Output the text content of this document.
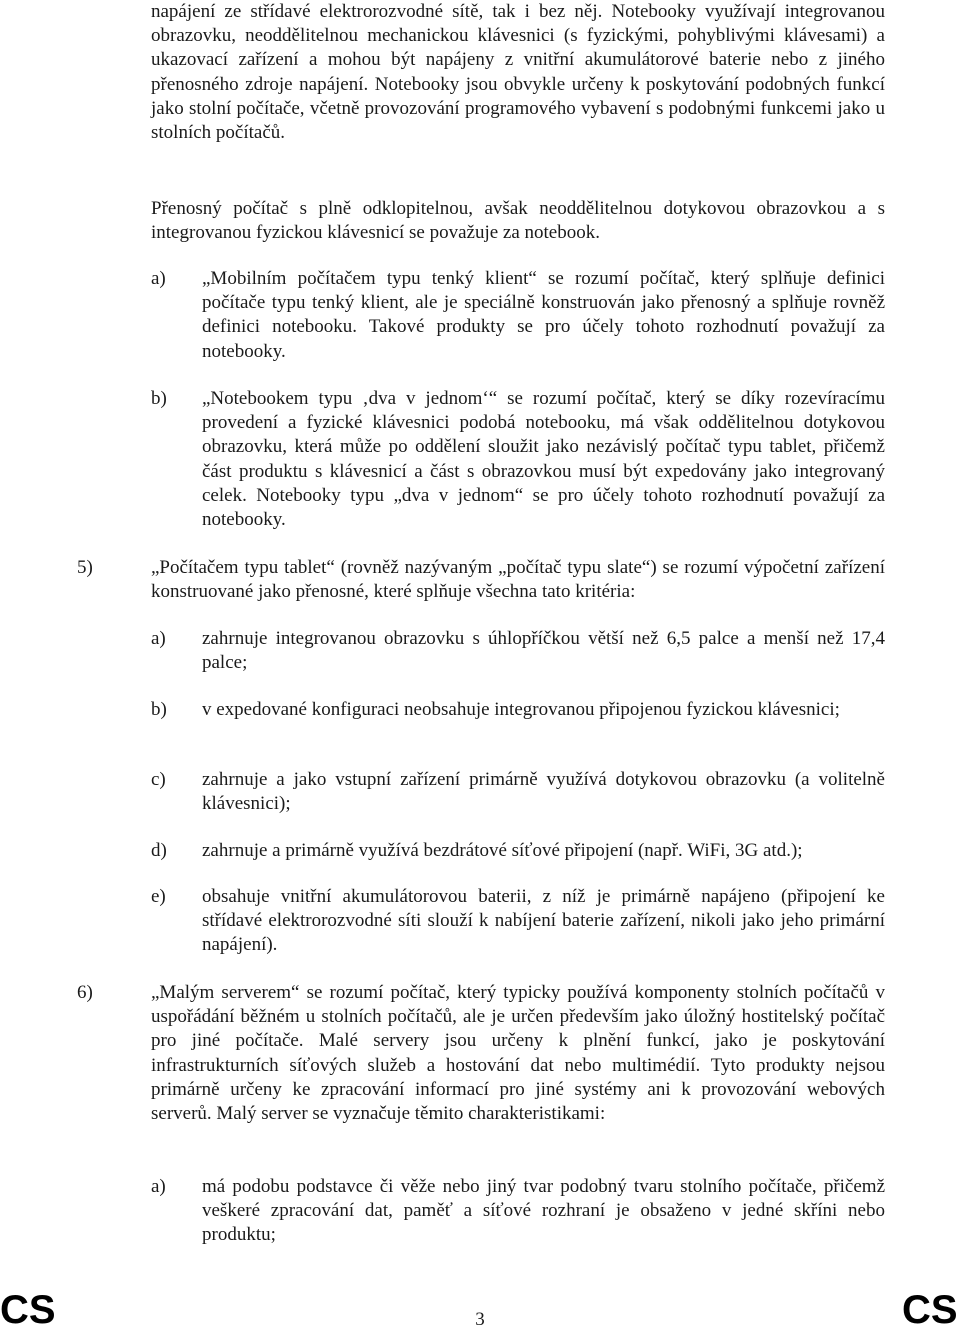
napájení ze střídavé elektrorozvodné sítě, tak i bez něj. Notebooky využívají integrovanou obrazovku, neoddělitelnou mechanickou klávesnici (s fyzickými, pohyblivými klávesami) a ukazovací zařízení a mohou být napájeny z vnitřní akumulátorové baterie nebo z jiného přenosného zdroje napájení. Notebooky jsou obvykle určeny k poskytování podobných funkcí jako stolní počítače, včetně provozování programového vybavení s podobnými funkcemi jako u stolních počítačů.

Přenosný počítač s plně odklopitelnou, avšak neoddělitelnou dotykovou obrazovkou a s integrovanou fyzickou klávesnicí se považuje za notebook.

a) „Mobilním počítačem typu tenký klient“ se rozumí počítač, který splňuje definici počítače typu tenký klient, ale je speciálně konstruován jako přenosný a splňuje rovněž definici notebooku. Takové produkty se pro účely tohoto rozhodnutí považují za notebooky.

b) „Notebookem typu ‚dva v jednom‘“ se rozumí počítač, který se díky rozevíracímu provedení a fyzické klávesnici podobá notebooku, má však oddělitelnou dotykovou obrazovku, která může po oddělení sloužit jako nezávislý počítač typu tablet, přičemž část produktu s klávesnicí a část s obrazovkou musí být expedovány jako integrovaný celek. Notebooky typu „dva v jednom“ se pro účely tohoto rozhodnutí považují za notebooky.

5)	„Počítačem typu tablet“ (rovněž nazývaným „počítač typu slate“) se rozumí výpočetní zařízení konstruované jako přenosné, které splňuje všechna tato kritéria:

a) zahrnuje integrovanou obrazovku s úhlopříčkou větší než 6,5 palce a menší než 17,4 palce;

b) v expedované konfiguraci neobsahuje integrovanou připojenou fyzickou klávesnici;

c) zahrnuje a jako vstupní zařízení primárně využívá dotykovou obrazovku (a volitelně klávesnici);

d) zahrnuje a primárně využívá bezdrátové síťové připojení (např. WiFi, 3G atd.);

e) obsahuje vnitřní akumulátorovou baterii, z níž je primárně napájeno (připojení ke střídavé elektrorozvodné síti slouží k nabíjení baterie zařízení, nikoli jako jeho primární napájení).

6)	„Malým serverem“ se rozumí počítač, který typicky používá komponenty stolních počítačů v uspořádání běžném u stolních počítačů, ale je určen především jako úložný hostitelský počítač pro jiné počítače. Malé servery jsou určeny k plnění funkcí, jako je poskytování infrastrukturních síťových služeb a hostování dat nebo multimédií. Tyto produkty nejsou primárně určeny ke zpracování informací pro jiné systémy ani k provozování webových serverů. Malý server se vyznačuje těmito charakteristikami:

a) má podobu podstavce či věže nebo jiný tvar podobný tvaru stolního počítače, přičemž veškeré zpracování dat, paměť a síťové rozhraní je obsaženo v jedné skříni nebo produktu;

CS	3	CS
